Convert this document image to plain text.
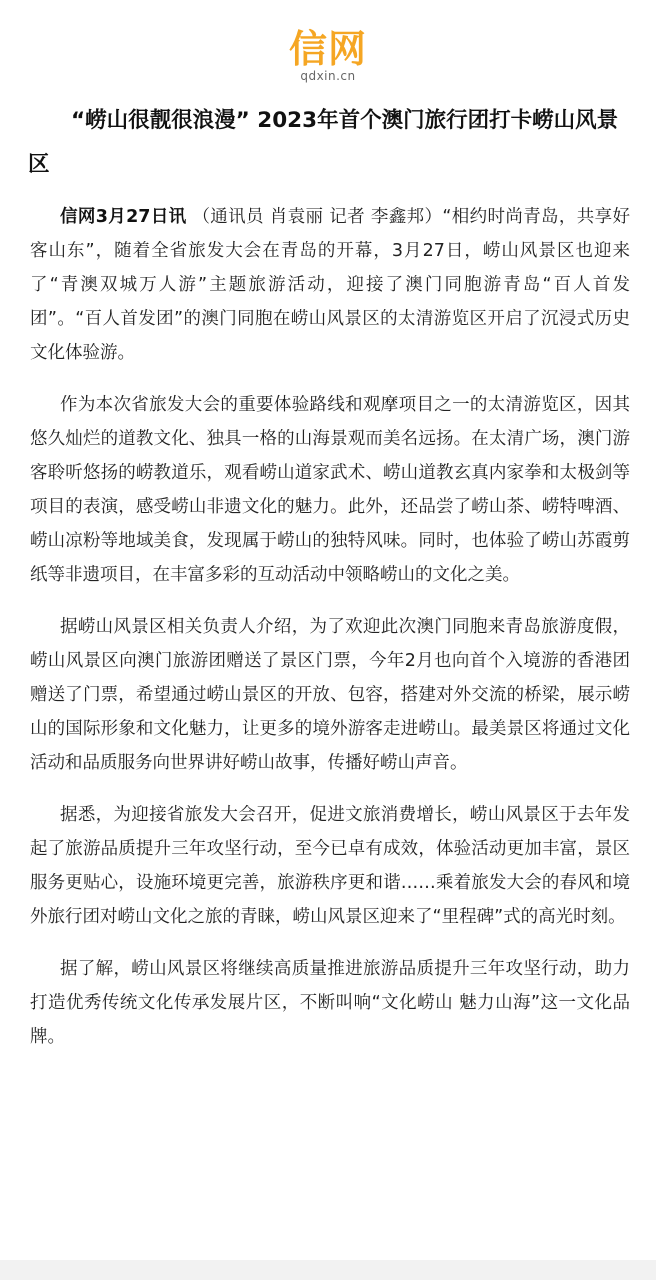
信网
qdxin.cn
“崂山很靓很浪漫” 2023年首个澳门旅行团打卡崂山风景区

信网3月27日讯 （通讯员 肖袁丽 记者 李鑫邦）“相约时尚青岛，共享好客山东”，随着全省旅发大会在青岛的开幕，3月27日，崂山风景区也迎来了“青澳双城万人游”主题旅游活动，迎接了澳门同胞游青岛“百人首发团”。“百人首发团”的澳门同胞在崂山风景区的太清游览区开启了沉浸式历史文化体验游。

作为本次省旅发大会的重要体验路线和观摩项目之一的太清游览区，因其悠久灿烂的道教文化、独具一格的山海景观而美名远扬。在太清广场，澳门游客聆听悠扬的崂教道乐，观看崂山道家武术、崂山道教玄真内家拳和太极剑等项目的表演，感受崂山非遗文化的魅力。此外，还品尝了崂山茶、崂特啤酒、崂山凉粉等地域美食，发现属于崂山的独特风味。同时，也体验了崂山苏霞剪纸等非遗项目，在丰富多彩的互动活动中领略崂山的文化之美。

据崂山风景区相关负责人介绍，为了欢迎此次澳门同胞来青岛旅游度假，崂山风景区向澳门旅游团赠送了景区门票，今年2月也向首个入境游的香港团赠送了门票，希望通过崂山景区的开放、包容，搭建对外交流的桥梁，展示崂山的国际形象和文化魅力，让更多的境外游客走进崂山。最美景区将通过文化活动和品质服务向世界讲好崂山故事，传播好崂山声音。

据悉，为迎接省旅发大会召开，促进文旅消费增长，崂山风景区于去年发起了旅游品质提升三年攻坚行动，至今已卓有成效，体验活动更加丰富，景区服务更贴心，设施环境更完善，旅游秩序更和谐……乘着旅发大会的春风和境外旅行团对崂山文化之旅的青睐，崂山风景区迎来了“里程碑”式的高光时刻。

据了解，崂山风景区将继续高质量推进旅游品质提升三年攻坚行动，助力打造优秀传统文化传承发展片区，不断叫响“文化崂山 魅力山海”这一文化品牌。
